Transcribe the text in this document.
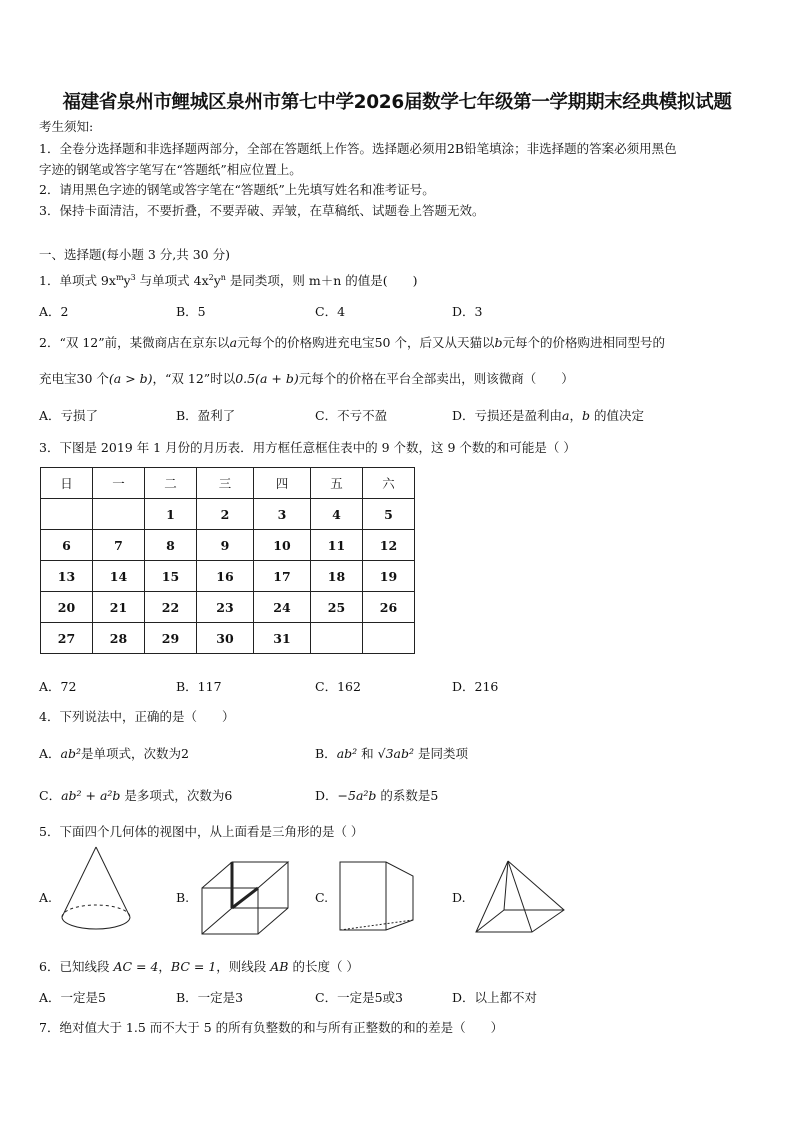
福建省泉州市鲤城区泉州市第七中学2026届数学七年级第一学期期末经典模拟试题
考生须知:
1．全卷分选择题和非选择题两部分，全部在答题纸上作答。选择题必须用2B铅笔填涂；非选择题的答案必须用黑色
字迹的钢笔或答字笔写在“答题纸”相应位置上。
2．请用黑色字迹的钢笔或答字笔在“答题纸”上先填写姓名和准考证号。
3．保持卡面清洁，不要折叠，不要弄破、弄皱，在草稿纸、试题卷上答题无效。
一、选择题(每小题 3 分,共 30 分)
1．单项式 $9x^my^3$ 与单项式 $4x^2y^n$ 是同类项，则 m＋n 的值是(　　)
A．2	B．5	C．4	D．3
2．“双 12”前，某微商店在京东以a元每个的价格购进充电宝50 个，后又从天猫以b元每个的价格购进相同型号的
充电宝30 个(a > b)，“双 12”时以0.5(a + b)元每个的价格在平台全部卖出，则该微商（　　）
A．亏损了	B．盈利了	C．不亏不盈	D．亏损还是盈利由a，b 的值决定
3．下图是 2019 年 1 月份的月历表．用方框任意框住表中的 9 个数，这 9 个数的和可能是（ ）
日	一	二	三	四	五	六
		1	2	3	4	5
6	7	8	9	10	11	12
13	14	15	16	17	18	19
20	21	22	23	24	25	26
27	28	29	30	31		
A．72	B．117	C．162	D．216
4．下列说法中，正确的是（　　）
A．ab²是单项式，次数为2	B．ab² 和 √3ab² 是同类项
C．ab² + a²b 是多项式，次数为6	D．−5a²b 的系数是5
5．下面四个几何体的视图中，从上面看是三角形的是（ ）
A.	B.	C.	D.
6．已知线段 AC = 4，BC = 1，则线段 AB 的长度（ ）
A．一定是5	B．一定是3	C．一定是5或3	D．以上都不对
7．绝对值大于 1.5 而不大于 5 的所有负整数的和与所有正整数的和的差是（　　）
